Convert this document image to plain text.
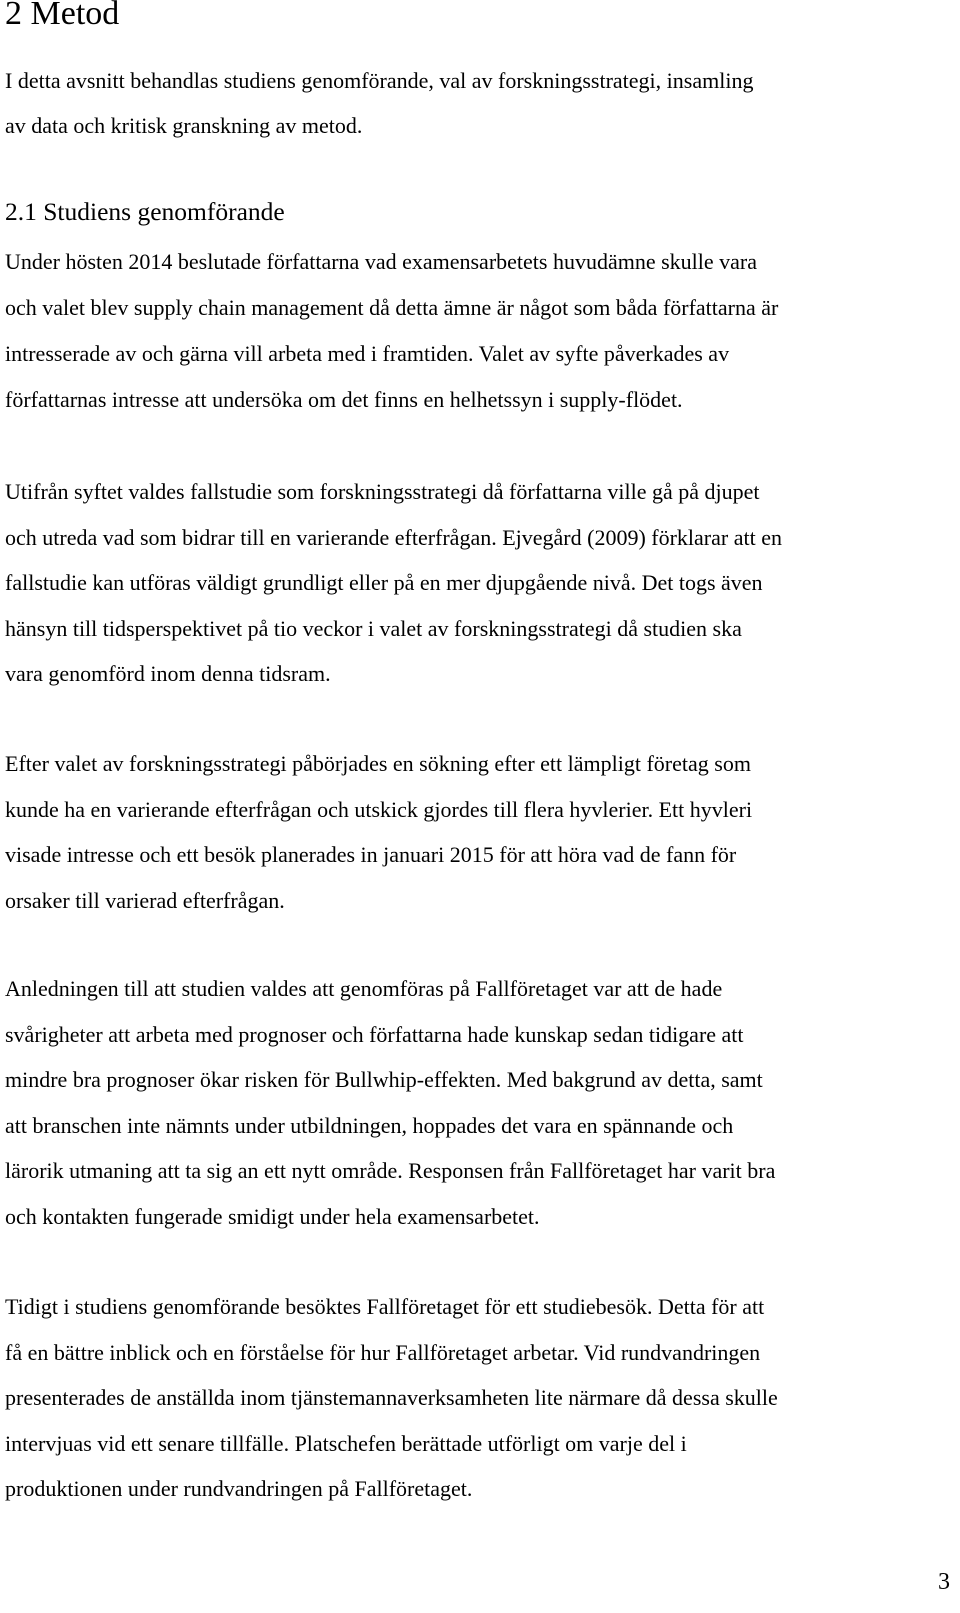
2 Metod

I detta avsnitt behandlas studiens genomförande, val av forskningsstrategi, insamling
av data och kritisk granskning av metod.

2.1 Studiens genomförande

Under hösten 2014 beslutade författarna vad examensarbetets huvudämne skulle vara
och valet blev supply chain management då detta ämne är något som båda författarna är
intresserade av och gärna vill arbeta med i framtiden. Valet av syfte påverkades av
författarnas intresse att undersöka om det finns en helhetssyn i supply-flödet.

Utifrån syftet valdes fallstudie som forskningsstrategi då författarna ville gå på djupet
och utreda vad som bidrar till en varierande efterfrågan. Ejvegård (2009) förklarar att en
fallstudie kan utföras väldigt grundligt eller på en mer djupgående nivå. Det togs även
hänsyn till tidsperspektivet på tio veckor i valet av forskningsstrategi då studien ska
vara genomförd inom denna tidsram.

Efter valet av forskningsstrategi påbörjades en sökning efter ett lämpligt företag som
kunde ha en varierande efterfrågan och utskick gjordes till flera hyvlerier. Ett hyvleri
visade intresse och ett besök planerades in januari 2015 för att höra vad de fann för
orsaker till varierad efterfrågan.

Anledningen till att studien valdes att genomföras på Fallföretaget var att de hade
svårigheter att arbeta med prognoser och författarna hade kunskap sedan tidigare att
mindre bra prognoser ökar risken för Bullwhip-effekten. Med bakgrund av detta, samt
att branschen inte nämnts under utbildningen, hoppades det vara en spännande och
lärorik utmaning att ta sig an ett nytt område. Responsen från Fallföretaget har varit bra
och kontakten fungerade smidigt under hela examensarbetet.

Tidigt i studiens genomförande besöktes Fallföretaget för ett studiebesök. Detta för att
få en bättre inblick och en förståelse för hur Fallföretaget arbetar. Vid rundvandringen
presenterades de anställda inom tjänstemannaverksamheten lite närmare då dessa skulle
intervjuas vid ett senare tillfälle. Platschefen berättade utförligt om varje del i
produktionen under rundvandringen på Fallföretaget.

3
